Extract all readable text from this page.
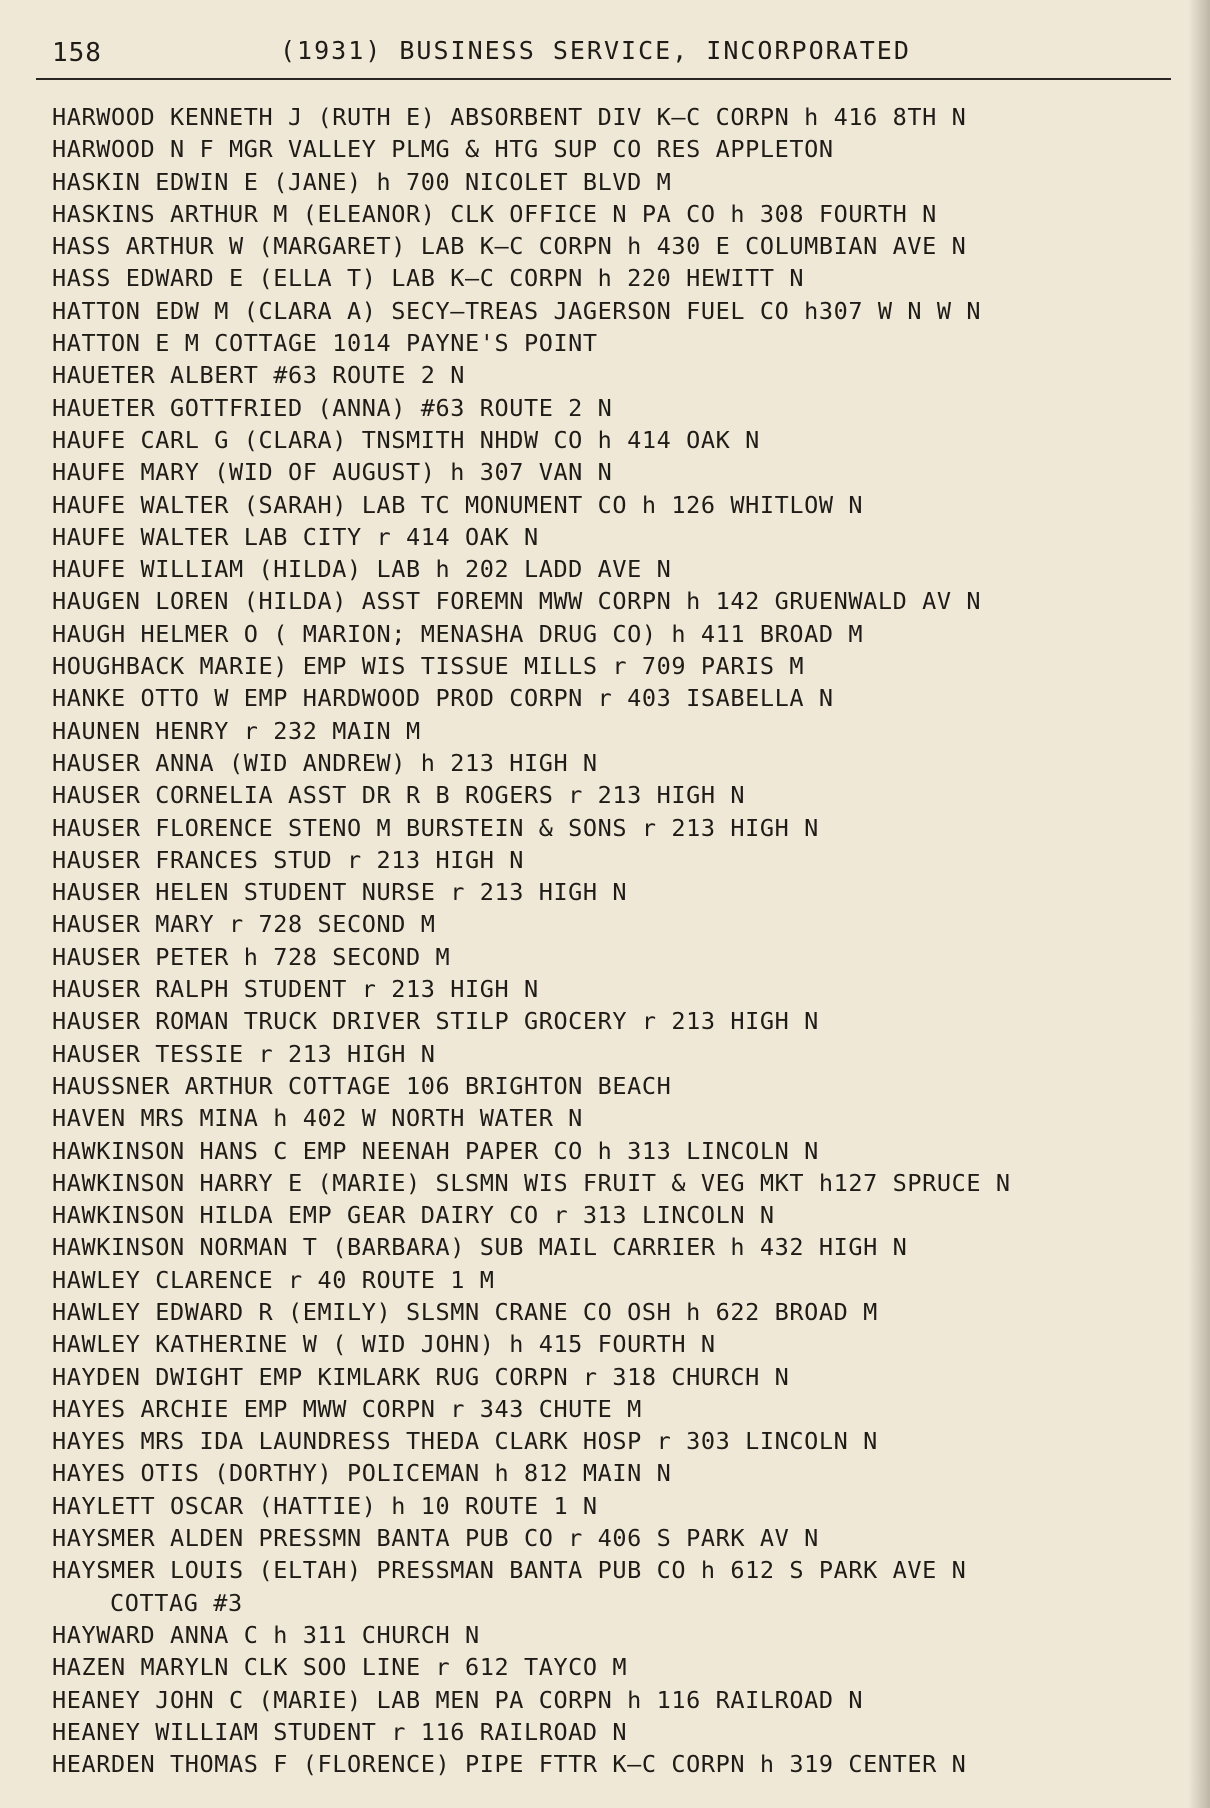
158	(1931) BUSINESS SERVICE, INCORPORATED
HARWOOD KENNETH J (RUTH E) ABSORBENT DIV K–C CORPN h 416 8TH N
HARWOOD N F MGR VALLEY PLMG & HTG SUP CO RES APPLETON
HASKIN EDWIN E (JANE) h 700 NICOLET BLVD M
HASKINS ARTHUR M (ELEANOR) CLK OFFICE N PA CO h 308 FOURTH N
HASS ARTHUR W (MARGARET) LAB K–C CORPN h 430 E COLUMBIAN AVE N
HASS EDWARD E (ELLA T) LAB K–C CORPN h 220 HEWITT N
HATTON EDW M (CLARA A) SECY–TREAS JAGERSON FUEL CO h307 W N W N
HATTON E M COTTAGE 1014 PAYNE'S POINT
HAUETER ALBERT #63 ROUTE 2 N
HAUETER GOTTFRIED (ANNA) #63 ROUTE 2 N
HAUFE CARL G (CLARA) TNSMITH NHDW CO h 414 OAK N
HAUFE MARY (WID OF AUGUST) h 307 VAN N
HAUFE WALTER (SARAH) LAB TC MONUMENT CO h 126 WHITLOW N
HAUFE WALTER LAB CITY r 414 OAK N
HAUFE WILLIAM (HILDA) LAB h 202 LADD AVE N
HAUGEN LOREN (HILDA) ASST FOREMN MWW CORPN h 142 GRUENWALD AV N
HAUGH HELMER O ( MARION; MENASHA DRUG CO) h 411 BROAD M
HOUGHBACK MARIE) EMP WIS TISSUE MILLS r 709 PARIS M
HANKE OTTO W EMP HARDWOOD PROD CORPN r 403 ISABELLA N
HAUNEN HENRY r 232 MAIN M
HAUSER ANNA (WID ANDREW) h 213 HIGH N
HAUSER CORNELIA ASST DR R B ROGERS r 213 HIGH N
HAUSER FLORENCE STENO M BURSTEIN & SONS r 213 HIGH N
HAUSER FRANCES STUD r 213 HIGH N
HAUSER HELEN STUDENT NURSE r 213 HIGH N
HAUSER MARY r 728 SECOND M
HAUSER PETER h 728 SECOND M
HAUSER RALPH STUDENT r 213 HIGH N
HAUSER ROMAN TRUCK DRIVER STILP GROCERY r 213 HIGH N
HAUSER TESSIE r 213 HIGH N
HAUSSNER ARTHUR COTTAGE 106 BRIGHTON BEACH
HAVEN MRS MINA h 402 W NORTH WATER N
HAWKINSON HANS C EMP NEENAH PAPER CO h 313 LINCOLN N
HAWKINSON HARRY E (MARIE) SLSMN WIS FRUIT & VEG MKT h127 SPRUCE N
HAWKINSON HILDA EMP GEAR DAIRY CO r 313 LINCOLN N
HAWKINSON NORMAN T (BARBARA) SUB MAIL CARRIER h 432 HIGH N
HAWLEY CLARENCE r 40 ROUTE 1 M
HAWLEY EDWARD R (EMILY) SLSMN CRANE CO OSH h 622 BROAD M
HAWLEY KATHERINE W ( WID JOHN) h 415 FOURTH N
HAYDEN DWIGHT EMP KIMLARK RUG CORPN r 318 CHURCH N
HAYES ARCHIE EMP MWW CORPN r 343 CHUTE M
HAYES MRS IDA LAUNDRESS THEDA CLARK HOSP r 303 LINCOLN N
HAYES OTIS (DORTHY) POLICEMAN h 812 MAIN N
HAYLETT OSCAR (HATTIE) h 10 ROUTE 1 N
HAYSMER ALDEN PRESSMN BANTA PUB CO r 406 S PARK AV N
HAYSMER LOUIS (ELTAH) PRESSMAN BANTA PUB CO h 612 S PARK AVE N
COTTAG #3
HAYWARD ANNA C h 311 CHURCH N
HAZEN MARYLN CLK SOO LINE r 612 TAYCO M
HEANEY JOHN C (MARIE) LAB MEN PA CORPN h 116 RAILROAD N
HEANEY WILLIAM STUDENT r 116 RAILROAD N
HEARDEN THOMAS F (FLORENCE) PIPE FTTR K–C CORPN h 319 CENTER N
